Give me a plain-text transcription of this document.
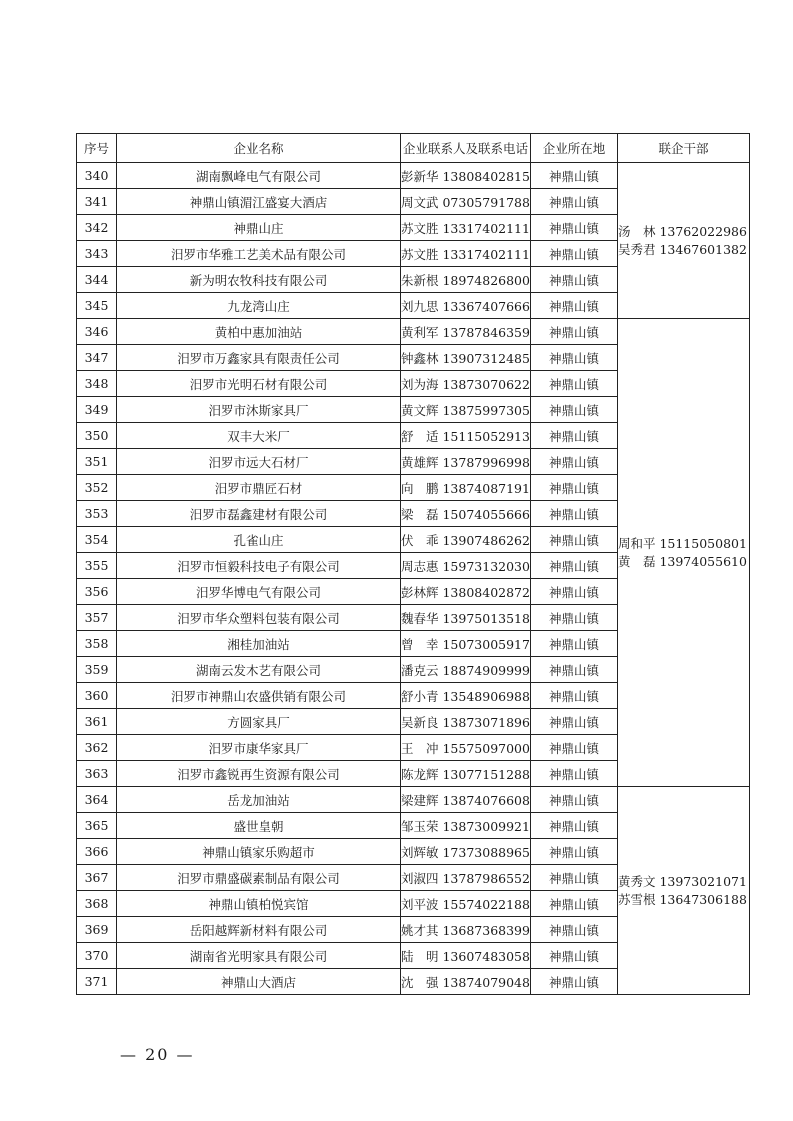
序号	企业名称	企业联系人及联系电话	企业所在地	联企干部
340	湖南飘峰电气有限公司	彭新华 13808402815	神鼎山镇	汤　林 13762022986
吴秀君 13467601382

341	神鼎山镇湄江盛宴大酒店	周文武 07305791788	神鼎山镇	
342	神鼎山庄	苏文胜 13317402111	神鼎山镇	
343	汨罗市华雅工艺美术品有限公司	苏文胜 13317402111	神鼎山镇	
344	新为明农牧科技有限公司	朱新根 18974826800	神鼎山镇	
345	九龙湾山庄	刘九思 13367407666	神鼎山镇	
346	黄柏中惠加油站	黄利军 13787846359	神鼎山镇	周和平 15115050801
黄　磊 13974055610

347	汨罗市万鑫家具有限责任公司	钟鑫林 13907312485	神鼎山镇	
348	汨罗市光明石材有限公司	刘为海 13873070622	神鼎山镇	
349	汨罗市沐斯家具厂	黄文辉 13875997305	神鼎山镇	
350	双丰大米厂	舒　适 15115052913	神鼎山镇	
351	汨罗市远大石材厂	黄雄辉 13787996998	神鼎山镇	
352	汨罗市鼎匠石材	向　鹏 13874087191	神鼎山镇	
353	汨罗市磊鑫建材有限公司	梁　磊 15074055666	神鼎山镇	
354	孔雀山庄	伏　乖 13907486262	神鼎山镇	
355	汨罗市恒毅科技电子有限公司	周志惠 15973132030	神鼎山镇	
356	汨罗华博电气有限公司	彭林辉 13808402872	神鼎山镇	
357	汨罗市华众塑料包装有限公司	魏春华 13975013518	神鼎山镇	
358	湘桂加油站	曾　幸 15073005917	神鼎山镇	
359	湖南云发木艺有限公司	潘克云 18874909999	神鼎山镇	
360	汨罗市神鼎山农盛供销有限公司	舒小青 13548906988	神鼎山镇	
361	方圆家具厂	吴新良 13873071896	神鼎山镇	
362	汨罗市康华家具厂	王　冲 15575097000	神鼎山镇	
363	汨罗市鑫锐再生资源有限公司	陈龙辉 13077151288	神鼎山镇	
364	岳龙加油站	梁建辉 13874076608	神鼎山镇	黄秀文 13973021071
苏雪根 13647306188

365	盛世皇朝	邹玉荣 13873009921	神鼎山镇	
366	神鼎山镇家乐购超市	刘辉敏 17373088965	神鼎山镇	
367	汨罗市鼎盛碳素制品有限公司	刘淑四 13787986552	神鼎山镇	
368	神鼎山镇柏悦宾馆	刘平波 15574022188	神鼎山镇	
369	岳阳越辉新材料有限公司	姚才其 13687368399	神鼎山镇	
370	湖南省光明家具有限公司	陆　明 13607483058	神鼎山镇	
371	神鼎山大酒店	沈　强 13874079048	神鼎山镇	
— 20 —
